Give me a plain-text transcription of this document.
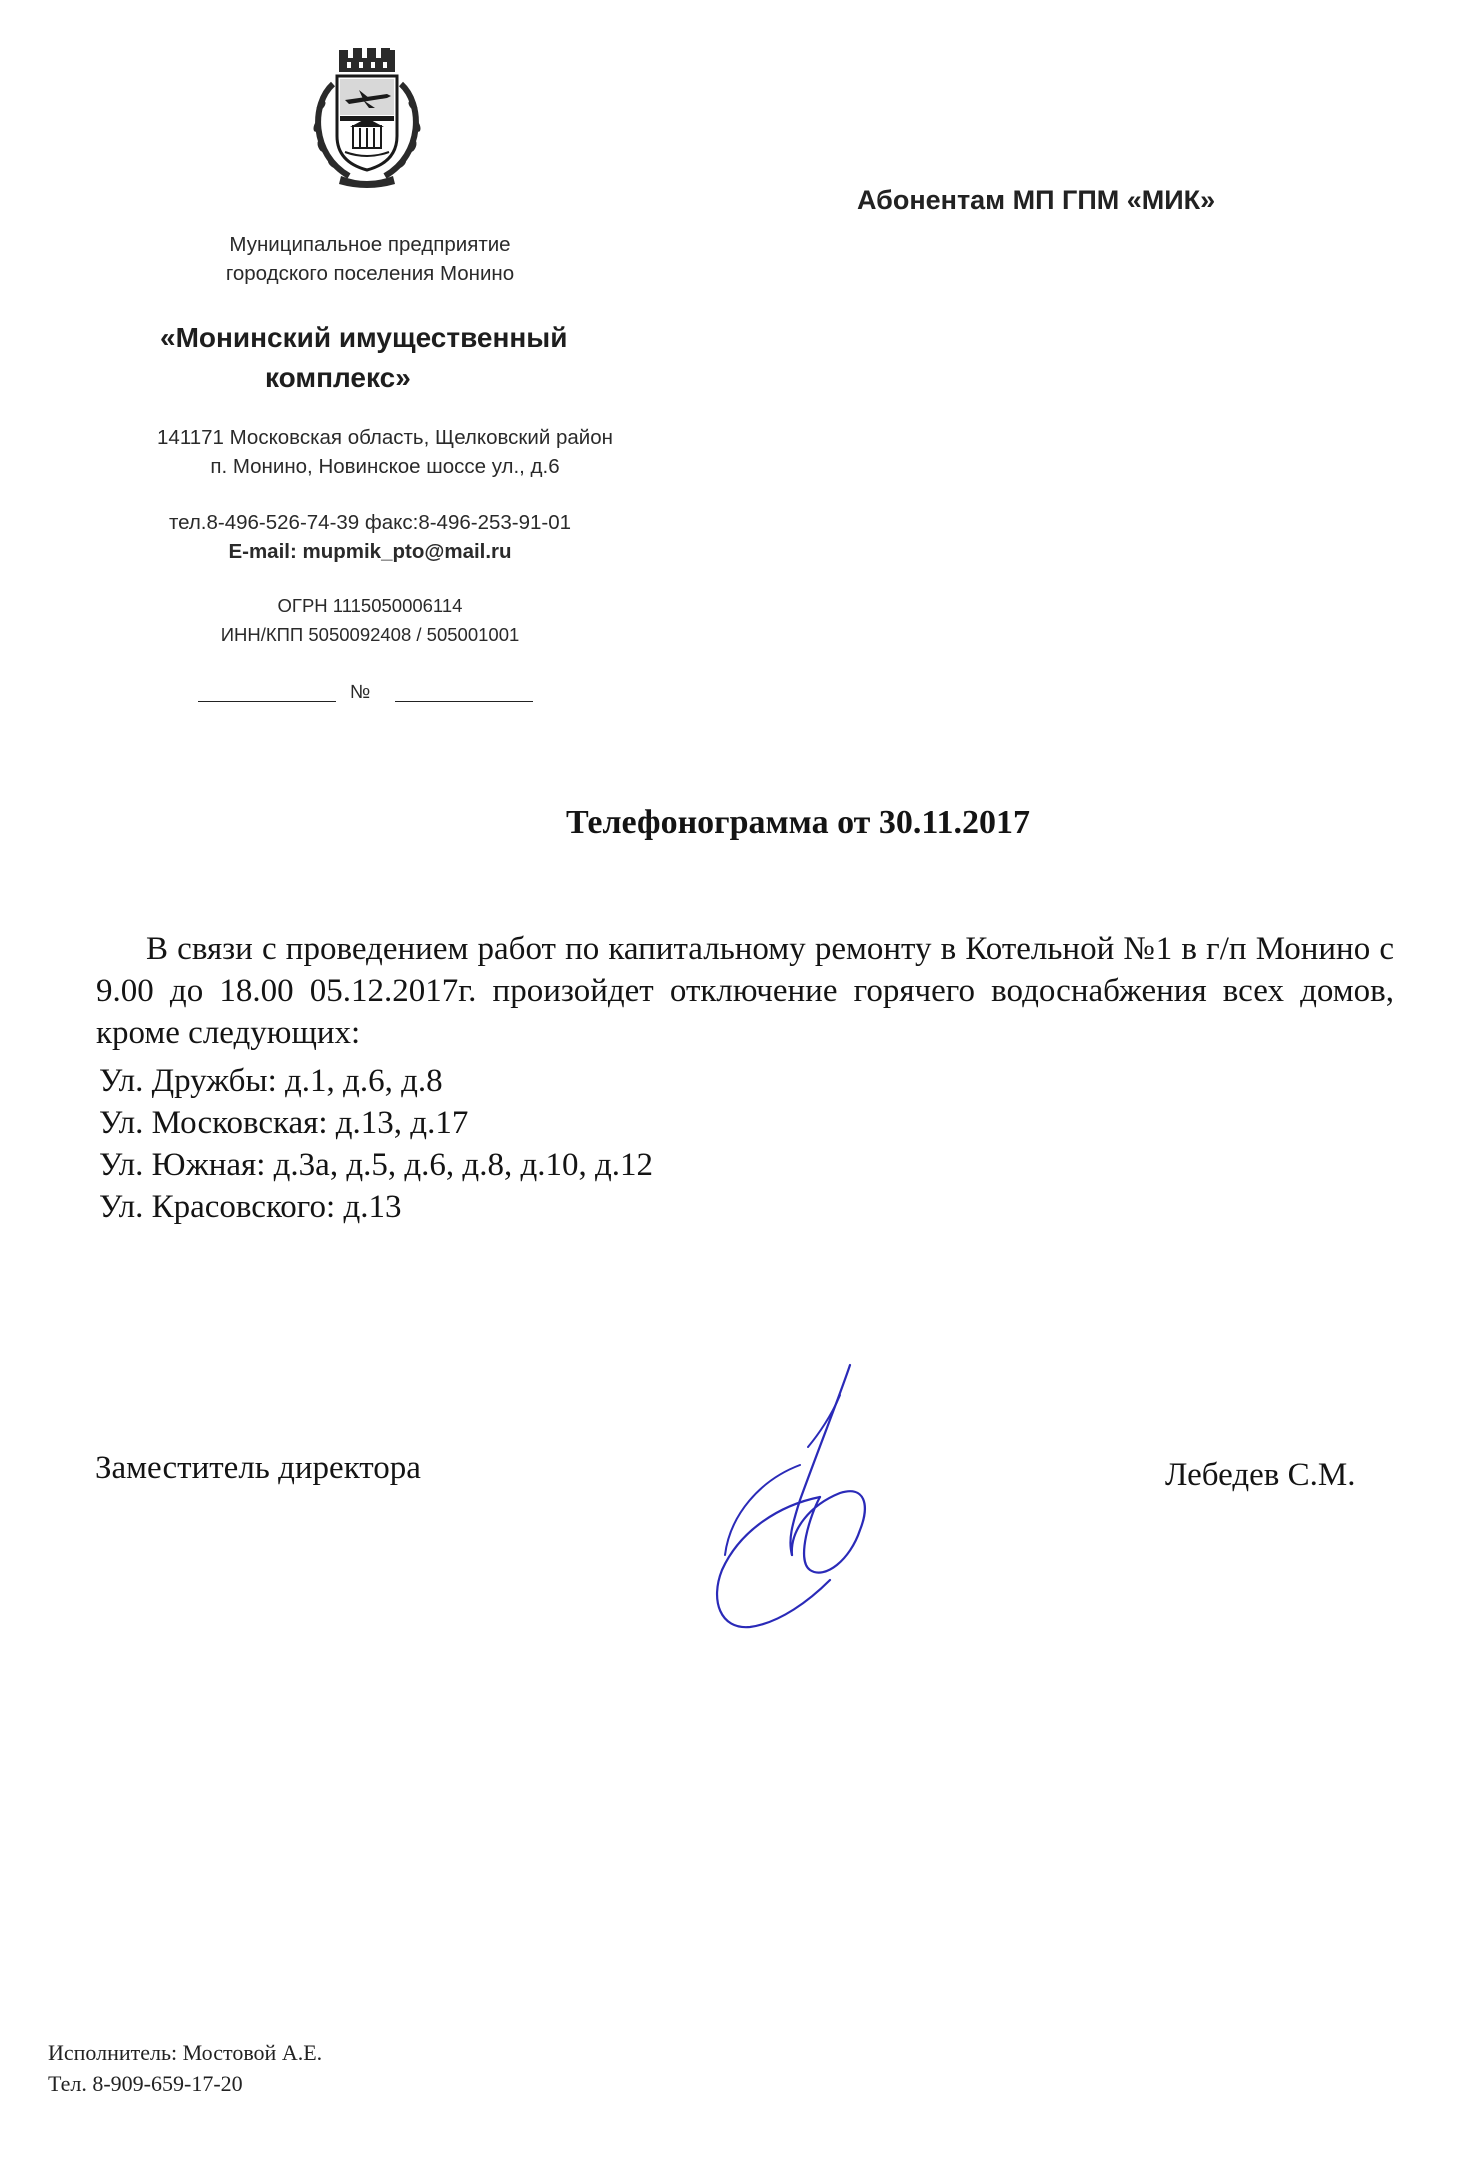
Муниципальное предприятие
городского поселения Монино
«Монинский имущественный
комплекс»
141171 Московская область, Щелковский район
п. Монино, Новинское шоссе ул., д.6
тел.8-496-526-74-39 факс:8-496-253-91-01
E-mail: mupmik_pto@mail.ru
ОГРН 1115050006114
ИНН/КПП 5050092408 / 505001001
№
Абонентам МП ГПМ «МИК»
Телефонограмма от 30.11.2017
В связи с проведением работ по капитальному ремонту в Котельной №1 в г/п Монино с 9.00 до 18.00 05.12.2017г. произойдет отключение горячего водоснабжения всех домов, кроме следующих:
Ул. Дружбы: д.1, д.6, д.8
Ул. Московская: д.13, д.17
Ул. Южная: д.3а, д.5, д.6, д.8, д.10, д.12
Ул. Красовского: д.13
Заместитель директора	Лебедев С.М.
Исполнитель: Мостовой А.Е.
Тел. 8-909-659-17-20
